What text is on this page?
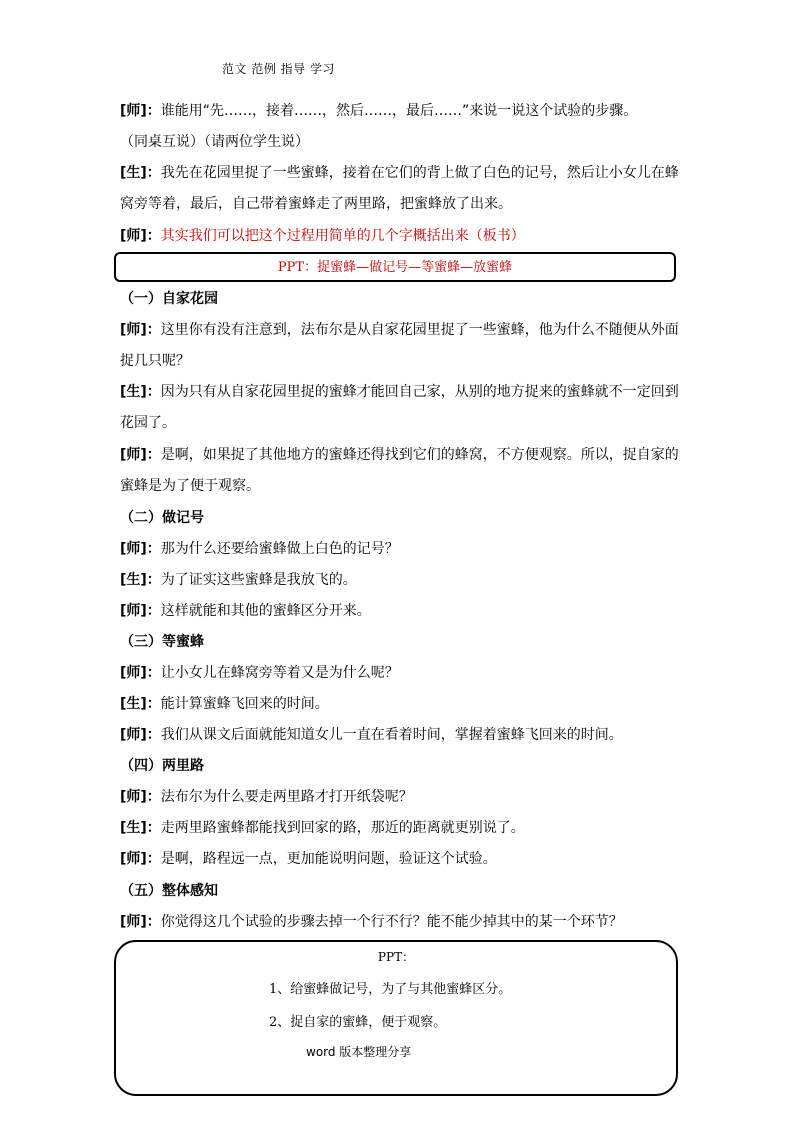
范文 范例 指导 学习
[师]：谁能用“先……，接着……，然后……，最后……”来说一说这个试验的步骤。
（同桌互说）（请两位学生说）
[生]：我先在花园里捉了一些蜜蜂，接着在它们的背上做了白色的记号，然后让小女儿在蜂窝旁等着，最后，自己带着蜜蜂走了两里路，把蜜蜂放了出来。
[师]：其实我们可以把这个过程用简单的几个字概括出来（板书）
PPT：捉蜜蜂—做记号—等蜜蜂—放蜜蜂
（一）自家花园
[师]：这里你有没有注意到，法布尔是从自家花园里捉了一些蜜蜂，他为什么不随便从外面捉几只呢？
[生]：因为只有从自家花园里捉的蜜蜂才能回自己家，从别的地方捉来的蜜蜂就不一定回到花园了。
[师]：是啊，如果捉了其他地方的蜜蜂还得找到它们的蜂窝，不方便观察。所以，捉自家的蜜蜂是为了便于观察。
（二）做记号
[师]：那为什么还要给蜜蜂做上白色的记号？
[生]：为了证实这些蜜蜂是我放飞的。
[师]：这样就能和其他的蜜蜂区分开来。
（三）等蜜蜂
[师]：让小女儿在蜂窝旁等着又是为什么呢？
[生]：能计算蜜蜂飞回来的时间。
[师]：我们从课文后面就能知道女儿一直在看着时间，掌握着蜜蜂飞回来的时间。
（四）两里路
[师]：法布尔为什么要走两里路才打开纸袋呢？
[生]：走两里路蜜蜂都能找到回家的路，那近的距离就更别说了。
[师]：是啊，路程远一点，更加能说明问题，验证这个试验。
（五）整体感知
[师]：你觉得这几个试验的步骤去掉一个行不行？能不能少掉其中的某一个环节？
PPT：
1、给蜜蜂做记号，为了与其他蜜蜂区分。
2、捉自家的蜜蜂，便于观察。
word 版本整理分享
